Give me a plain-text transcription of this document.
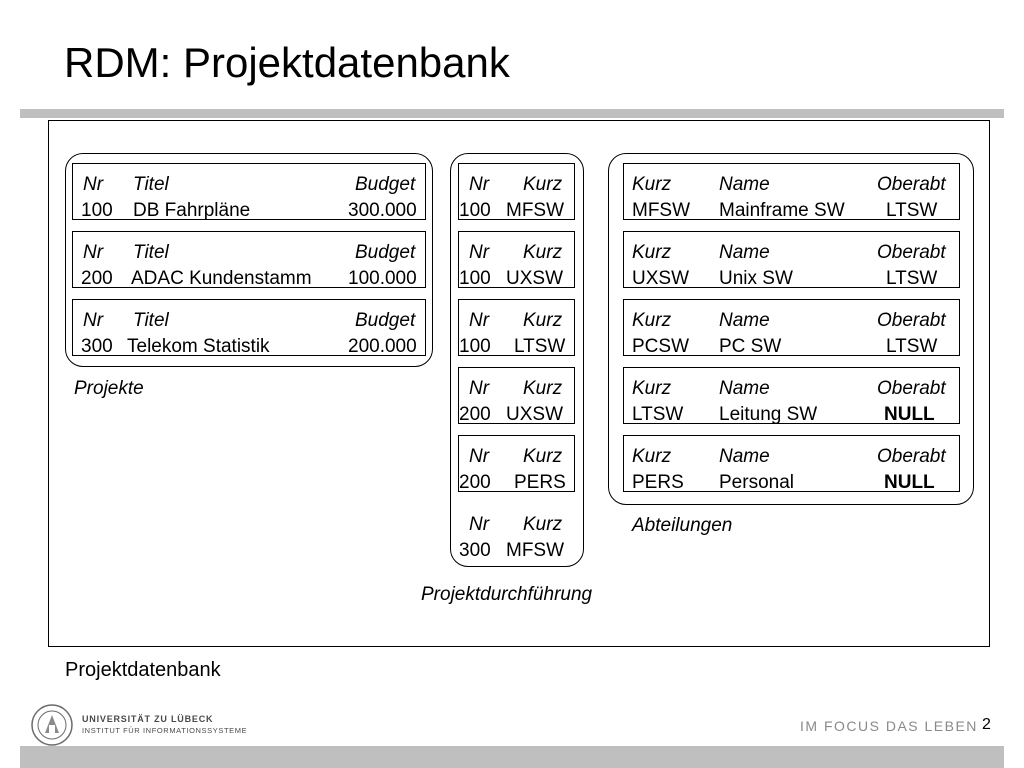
RDM: Projektdatenbank
Nr Titel	Budget
100 DB Fahrpläne	300.000
Nr Titel	Budget
200 ADAC Kundenstamm 100.000
Nr Titel	Budget
300 Telekom Statistik	200.000
Projekte
Nr Kurz
100 MFSW
Nr Kurz
100 UXSW
Nr Kurz
100 LTSW
Nr Kurz
200 UXSW
Nr Kurz
200 PERS
Nr Kurz
300 MFSW
Projektdurchführung
Kurz	Name	Oberabt
MFSW Mainframe SW LTSW
Kurz	Name	Oberabt
UXSW Unix SW	LTSW
Kurz	Name	Oberabt
PCSW PC SW	LTSW
Kurz	Name	Oberabt
LTSW Leitung SW	NULL
Kurz	Name	Oberabt
PERS Personal	NULL
Abteilungen
Projektdatenbank
UNIVERSITÄT ZU LÜBECK
INSTITUT FÜR INFORMATIONSSYSTEME	IM FOCUS DAS LEBEN 2
